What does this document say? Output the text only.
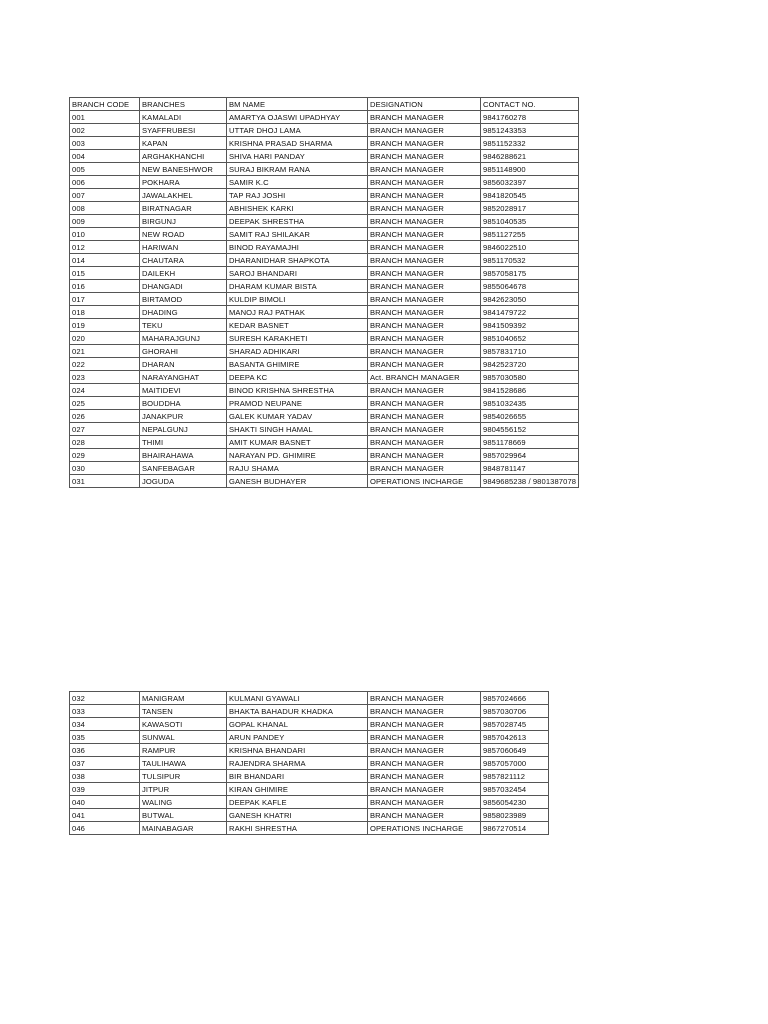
BRANCH CODE	BRANCHES	BM NAME	DESIGNATION	CONTACT NO.
001	KAMALADI	AMARTYA OJASWI UPADHYAY	BRANCH MANAGER	9841760278
002	SYAFFRUBESI	UTTAR DHOJ LAMA	BRANCH MANAGER	9851243353
003	KAPAN	KRISHNA PRASAD SHARMA	BRANCH MANAGER	9851152332
004	ARGHAKHANCHI	SHIVA HARI PANDAY	BRANCH MANAGER	9846288621
005	NEW BANESHWOR	SURAJ BIKRAM RANA	BRANCH MANAGER	9851148900
006	POKHARA	SAMIR K.C	BRANCH MANAGER	9856032397
007	JAWALAKHEL	TAP RAJ JOSHI	BRANCH MANAGER	9841820545
008	BIRATNAGAR	ABHISHEK KARKI	BRANCH MANAGER	9852028917
009	BIRGUNJ	DEEPAK SHRESTHA	BRANCH MANAGER	9851040535
010	NEW ROAD	SAMIT RAJ SHILAKAR	BRANCH MANAGER	9851127255
012	HARIWAN	BINOD RAYAMAJHI	BRANCH MANAGER	9846022510
014	CHAUTARA	DHARANIDHAR SHAPKOTA	BRANCH MANAGER	9851170532
015	DAILEKH	SAROJ BHANDARI	BRANCH MANAGER	9857058175
016	DHANGADI	DHARAM KUMAR BISTA	BRANCH MANAGER	9855064678
017	BIRTAMOD	KULDIP BIMOLI	BRANCH MANAGER	9842623050
018	DHADING	MANOJ RAJ PATHAK	BRANCH MANAGER	9841479722
019	TEKU	KEDAR BASNET	BRANCH MANAGER	9841509392
020	MAHARAJGUNJ	SURESH KARAKHETI	BRANCH MANAGER	9851040652
021	GHORAHI	SHARAD ADHIKARI	BRANCH MANAGER	9857831710
022	DHARAN	BASANTA GHIMIRE	BRANCH MANAGER	9842523720
023	NARAYANGHAT	DEEPA KC	Act. BRANCH MANAGER	9857030580
024	MAITIDEVI	BINOD KRISHNA SHRESTHA	BRANCH MANAGER	9841528686
025	BOUDDHA	PRAMOD NEUPANE	BRANCH MANAGER	9851032435
026	JANAKPUR	GALEK KUMAR YADAV	BRANCH MANAGER	9854026655
027	NEPALGUNJ	SHAKTI SINGH HAMAL	BRANCH MANAGER	9804556152
028	THIMI	AMIT KUMAR BASNET	BRANCH MANAGER	9851178669
029	BHAIRAHAWA	NARAYAN PD. GHIMIRE	BRANCH MANAGER	9857029964
030	SANFEBAGAR	RAJU SHAMA	BRANCH MANAGER	9848781147
031	JOGUDA	GANESH BUDHAYER	OPERATIONS INCHARGE	9849685238 / 9801387078
032	MANIGRAM	KULMANI GYAWALI	BRANCH MANAGER	9857024666
033	TANSEN	BHAKTA BAHADUR KHADKA	BRANCH MANAGER	9857030706
034	KAWASOTI	GOPAL KHANAL	BRANCH MANAGER	9857028745
035	SUNWAL	ARUN PANDEY	BRANCH MANAGER	9857042613
036	RAMPUR	KRISHNA BHANDARI	BRANCH MANAGER	9857060649
037	TAULIHAWA	RAJENDRA SHARMA	BRANCH MANAGER	9857057000
038	TULSIPUR	BIR BHANDARI	BRANCH MANAGER	9857821112
039	JITPUR	KIRAN GHIMIRE	BRANCH MANAGER	9857032454
040	WALING	DEEPAK KAFLE	BRANCH MANAGER	9856054230
041	BUTWAL	GANESH KHATRI	BRANCH MANAGER	9858023989
046	MAINABAGAR	RAKHI SHRESTHA	OPERATIONS INCHARGE	9867270514
